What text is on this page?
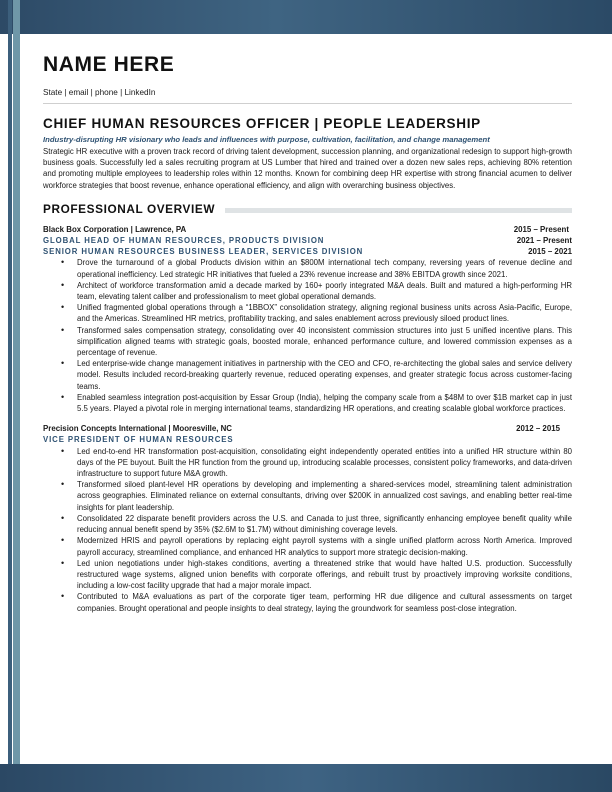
NAME HERE
State | email | phone | LinkedIn
CHIEF HUMAN RESOURCES OFFICER | PEOPLE LEADERSHIP
Industry-disrupting HR visionary who leads and influences with purpose, cultivation, facilitation, and change management
Strategic HR executive with a proven track record of driving talent development, succession planning, and organizational redesign to support high-growth business goals. Successfully led a sales recruiting program at US Lumber that hired and trained over a dozen new sales reps, achieving 80% retention and promoting multiple employees to leadership roles within 12 months. Known for combining deep HR expertise with strong financial acumen to deliver workforce strategies that boost revenue, enhance operational efficiency, and align with overarching business objectives.
PROFESSIONAL OVERVIEW
Black Box Corporation | Lawrence, PA	2015 – Present
GLOBAL HEAD OF HUMAN RESOURCES, PRODUCTS DIVISION	2021 – Present
SENIOR HUMAN RESOURCES BUSINESS LEADER, SERVICES DIVISION	2015 – 2021
• Drove the turnaround of a global Products division within an $800M international tech company, reversing years of revenue decline and operational inefficiency. Led strategic HR initiatives that fueled a 23% revenue increase and 38% EBITDA growth since 2021.
• Architect of workforce transformation amid a decade marked by 160+ poorly integrated M&A deals. Built and matured a high-performing HR team, elevating talent caliber and professionalism to meet global operational demands.
• Unified fragmented global operations through a “1BBOX” consolidation strategy, aligning regional business units across Asia-Pacific, Europe, and the Americas. Streamlined HR metrics, profitability tracking, and sales enablement across previously siloed product lines.
• Transformed sales compensation strategy, consolidating over 40 inconsistent commission structures into just 5 unified incentive plans. This simplification aligned teams with strategic goals, boosted morale, enhanced performance culture, and lowered commission expenses as a percentage of revenue.
• Led enterprise-wide change management initiatives in partnership with the CEO and CFO, re-architecting the global sales and service delivery model. Results included record-breaking quarterly revenue, reduced operating expenses, and greater strategic focus across customer-facing teams.
• Enabled seamless integration post-acquisition by Essar Group (India), helping the company scale from a $48M to over $1B market cap in just 5.5 years. Played a pivotal role in merging international teams, standardizing HR operations, and creating scalable global workforce practices.
Precision Concepts International | Mooresville, NC	2012 – 2015
VICE PRESIDENT OF HUMAN RESOURCES
• Led end-to-end HR transformation post-acquisition, consolidating eight independently operated entities into a unified HR structure within 80 days of the PE buyout. Built the HR function from the ground up, introducing scalable processes, consistent policy frameworks, and data-driven infrastructure to support future M&A growth.
• Transformed siloed plant-level HR operations by developing and implementing a shared-services model, streamlining talent administration across geographies. Eliminated reliance on external consultants, driving over $200K in annualized cost savings, and enabling better real-time insights for plant leadership.
• Consolidated 22 disparate benefit providers across the U.S. and Canada to just three, significantly enhancing employee benefit quality while reducing annual benefit spend by 35% ($2.6M to $1.7M) without diminishing coverage levels.
• Modernized HRIS and payroll operations by replacing eight payroll systems with a single unified platform across North America. Improved payroll accuracy, streamlined compliance, and enhanced HR analytics to support more strategic decision-making.
• Led union negotiations under high-stakes conditions, averting a threatened strike that would have halted U.S. production. Successfully restructured wage systems, aligned union benefits with corporate offerings, and rebuilt trust by proactively improving worksite conditions, including a low-cost facility upgrade that had a major morale impact.
• Contributed to M&A evaluations as part of the corporate tiger team, performing HR due diligence and cultural assessments on target companies. Brought operational and people insights to deal strategy, laying the groundwork for seamless post-close integration.
